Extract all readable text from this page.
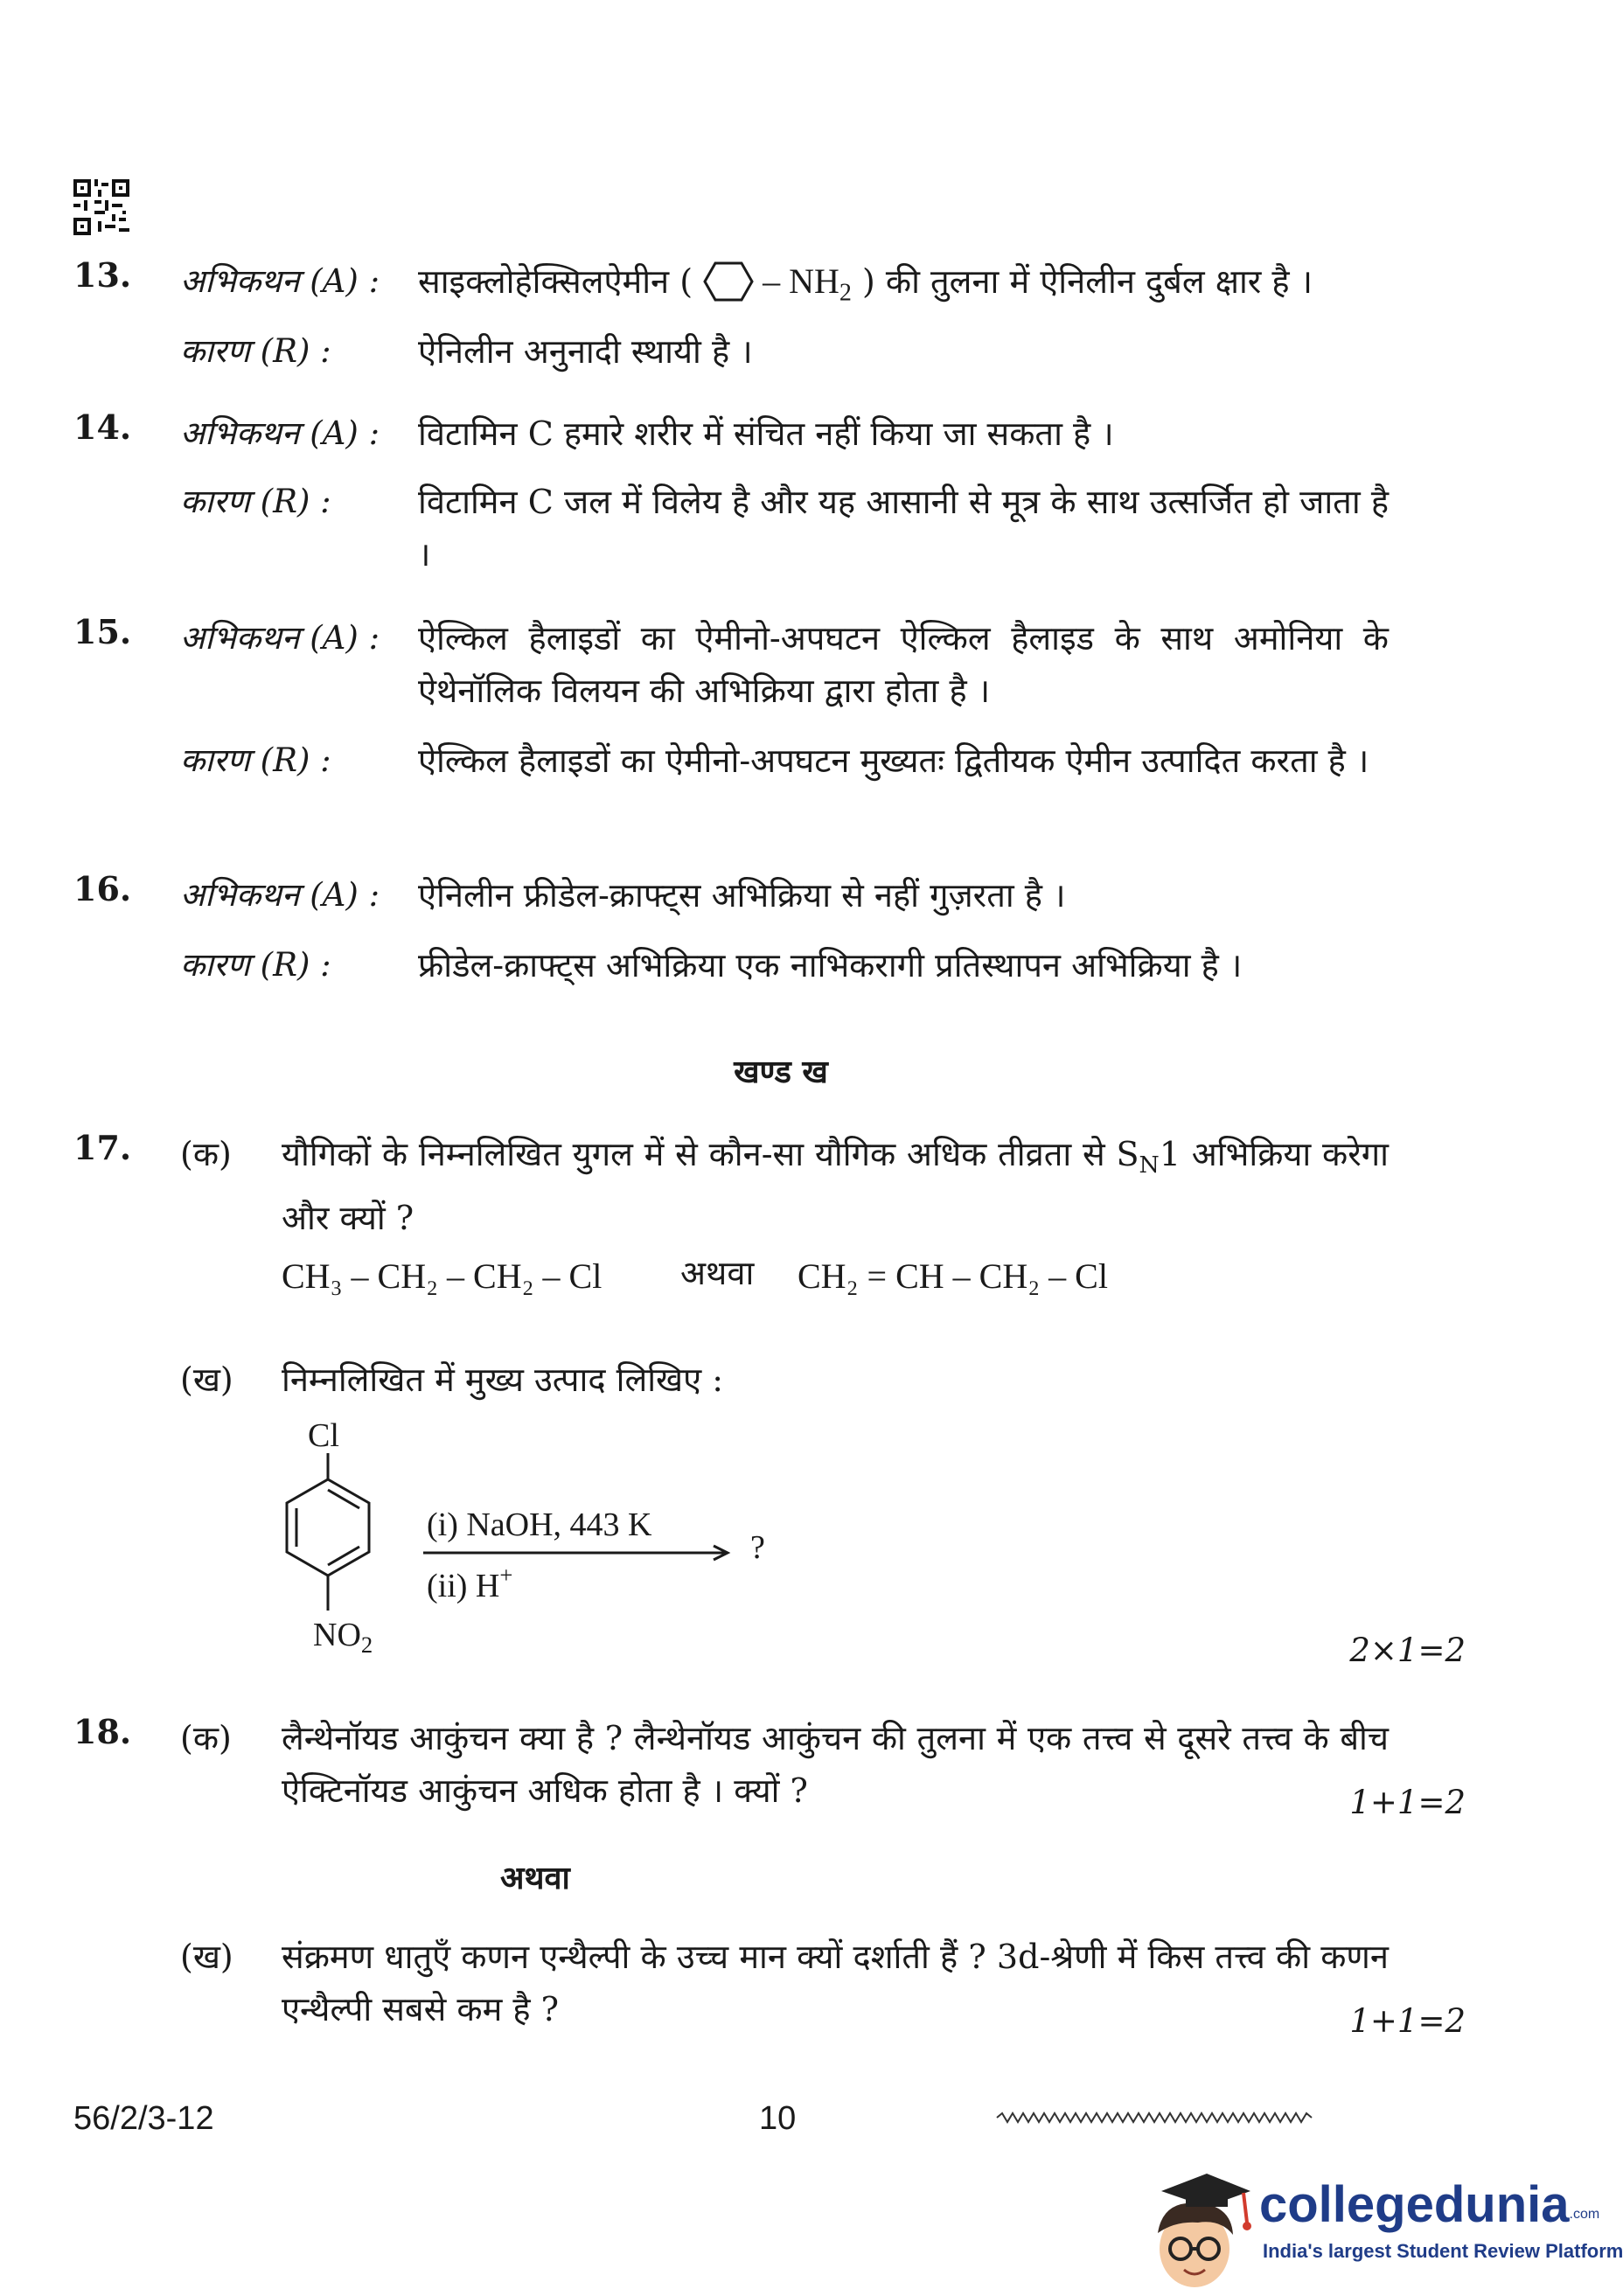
13. अभिकथन (A) : साइक्लोहेक्सिलऐमीन (  – $NH_2$ ) की तुलना में ऐनिलीन दुर्बल क्षार है ।
कारण (R) :	ऐनिलीन अनुनादी स्थायी है ।
14. अभिकथन (A) : विटामिन C हमारे शरीर में संचित नहीं किया जा सकता है ।
कारण (R) :	विटामिन C जल में विलेय है और यह आसानी से मूत्र के साथ उत्सर्जित हो जाता है ।
15. अभिकथन (A) : ऐल्किल हैलाइडों का ऐमीनो-अपघटन ऐल्किल हैलाइड के साथ अमोनिया के ऐथेनॉलिक विलयन की अभिक्रिया द्वारा होता है ।
कारण (R) :	ऐल्किल हैलाइडों का ऐमीनो-अपघटन मुख्यतः द्वितीयक ऐमीन उत्पादित करता है ।
16. अभिकथन (A) : ऐनिलीन फ्रीडेल-क्राफ्ट्स अभिक्रिया से नहीं गुज़रता है ।
कारण (R) :	फ्रीडेल-क्राफ्ट्स अभिक्रिया एक नाभिकरागी प्रतिस्थापन अभिक्रिया है ।
खण्ड ख
17. (क) यौगिकों के निम्नलिखित युगल में से कौन-सा यौगिक अधिक तीव्रता से $S_N1$ अभिक्रिया करेगा और क्यों ?
CH₃ – CH₂ – CH₂ – Cl अथवा CH₂ = CH – CH₂ – Cl
(ख) निम्नलिखित में मुख्य उत्पाद लिखिए :
Cl
$NO_2$
(i) NaOH, 443 K
(ii) H+
?
2×1=2
18. (क) लैन्थेनॉयड आकुंचन क्या है ? लैन्थेनॉयड आकुंचन की तुलना में एक तत्त्व से दूसरे तत्त्व के बीच ऐक्टिनॉयड आकुंचन अधिक होता है । क्यों ?	1+1=2
अथवा
(ख) संक्रमण धातुएँ कणन एन्थैल्पी के उच्च मान क्यों दर्शाती हैं ? 3d-श्रेणी में किस तत्त्व की कणन एन्थैल्पी सबसे कम है ?	1+1=2
56/2/3-12	10
collegedunia.com
India's largest Student Review Platform
